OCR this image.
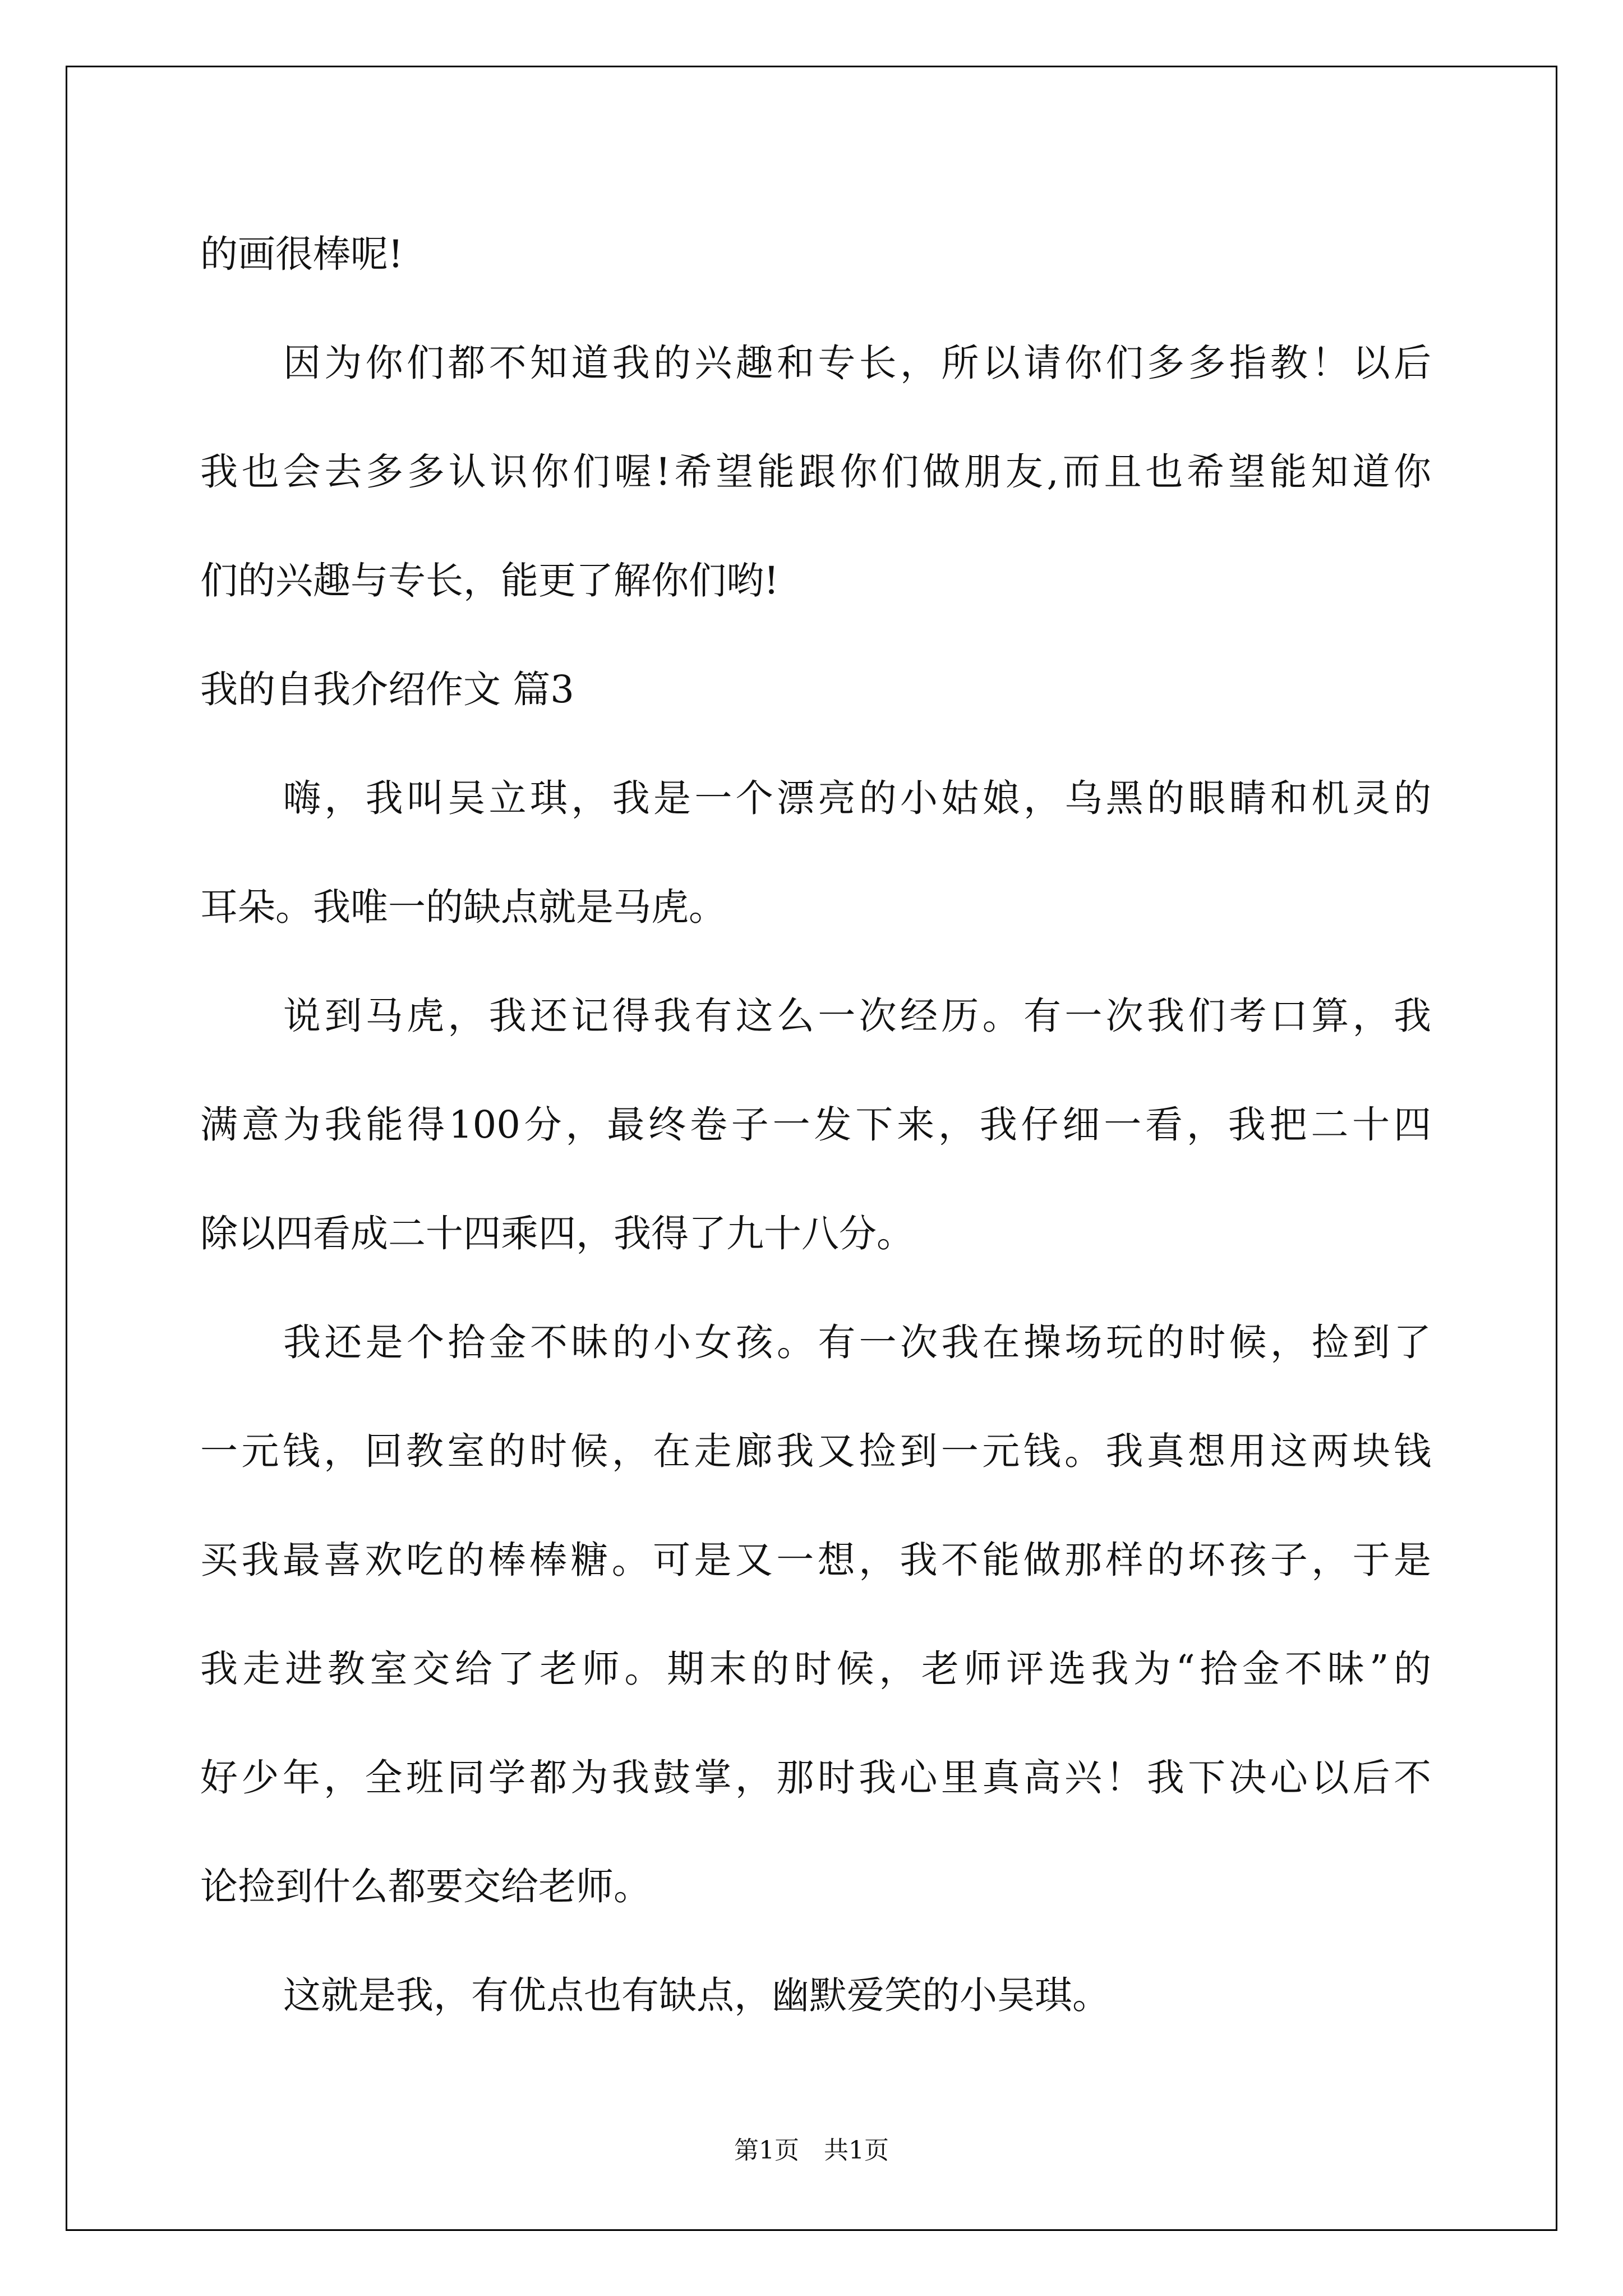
的画很棒呢!

因为你们都不知道我的兴趣和专长，所以请你们多多指教！以后

我也会去多多认识你们喔!希望能跟你们做朋友,而且也希望能知道你

们的兴趣与专长，能更了解你们哟!

我的自我介绍作文 篇3

嗨，我叫吴立琪，我是一个漂亮的小姑娘，乌黑的眼睛和机灵的

耳朵。我唯一的缺点就是马虎。

说到马虎，我还记得我有这么一次经历。有一次我们考口算，我

满意为我能得100分，最终卷子一发下来，我仔细一看，我把二十四

除以四看成二十四乘四，我得了九十八分。

我还是个拾金不昧的小女孩。有一次我在操场玩的时候，捡到了

一元钱，回教室的时候，在走廊我又捡到一元钱。我真想用这两块钱

买我最喜欢吃的棒棒糖。可是又一想，我不能做那样的坏孩子，于是

我走进教室交给了老师。期末的时候，老师评选我为“拾金不昧”的

好少年，全班同学都为我鼓掌，那时我心里真高兴！我下决心以后不

论捡到什么都要交给老师。

这就是我，有优点也有缺点，幽默爱笑的小吴琪。

第1页　共1页
